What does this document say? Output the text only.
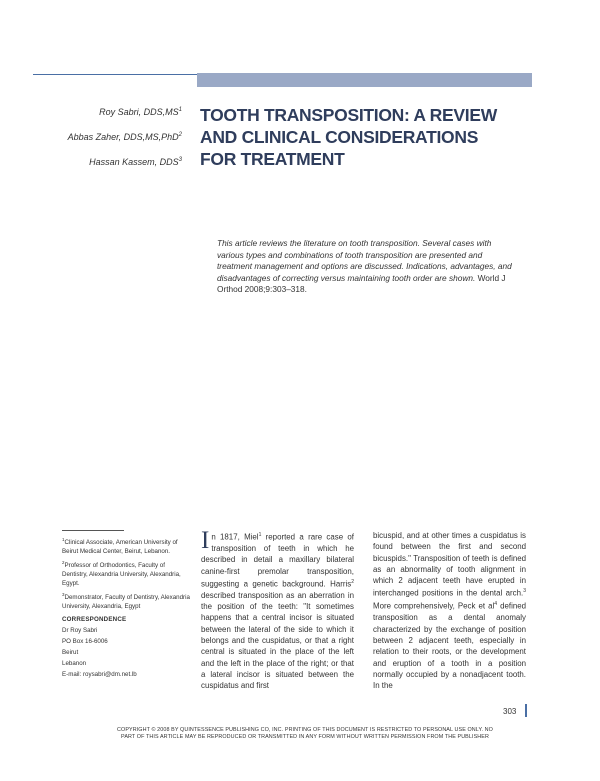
Roy Sabri, $DDS,MS^1$
Abbas Zaher, DDS,MS,PhD$^2$
Hassan Kassem, DDS$^3$
TOOTH TRANSPOSITION: A REVIEW AND CLINICAL CONSIDERATIONS FOR TREATMENT
This article reviews the literature on tooth transposition. Several cases with various types and combinations of tooth transposition are presented and treatment management and options are discussed. Indications, advantages, and disadvantages of correcting versus maintaining tooth order are shown. World J Orthod 2008;9:303–318.

$^1$Clinical Associate, American University of Beirut Medical Center, Beirut, Lebanon.

$^2$Professor of Orthodontics, Faculty of Dentistry, Alexandria University, Alexandria, Egypt.

$^3$Demonstrator, Faculty of Dentistry, Alexandria University, Alexandria, Egypt

CORRESPONDENCE

Dr Roy Sabri

PO Box 16-6006

Beirut

Lebanon

E-mail: roysabri@dm.net.lb

In 1817, Miel$^1$ reported a rare case of transposition of teeth in which he described in detail a maxillary bilateral canine-first premolar transposition, suggesting a genetic background. Harris$^2$ described transposition as an aberration in the position of the teeth: "It sometimes happens that a central incisor is situated between the lateral of the side to which it belongs and the cuspidatus, or that a right central is situated in the place of the left and the left in the place of the right; or that a lateral incisor is situated between the cuspidatus and first

bicuspid, and at other times a cuspidatus is found between the first and second bicuspids." Transposition of teeth is defined as an abnormality of tooth alignment in which 2 adjacent teeth have erupted in interchanged positions in the dental arch.$^3$ More comprehensively, Peck et $al^4$ defined transposition as a dental anomaly characterized by the exchange of position between 2 adjacent teeth, especially in relation to their roots, or the development and eruption of a tooth in a position normally occupied by a nonadjacent tooth. In the

303
COPYRIGHT © 2008 BY QUINTESSENCE PUBLISHING CO, INC. PRINTING OF THIS DOCUMENT IS RESTRICTED TO PERSONAL USE ONLY. NO
PART OF THIS ARTICLE MAY BE REPRODUCED OR TRANSMITTED IN ANY FORM WITHOUT WRITTEN PERMISSION FROM THE PUBLISHER
